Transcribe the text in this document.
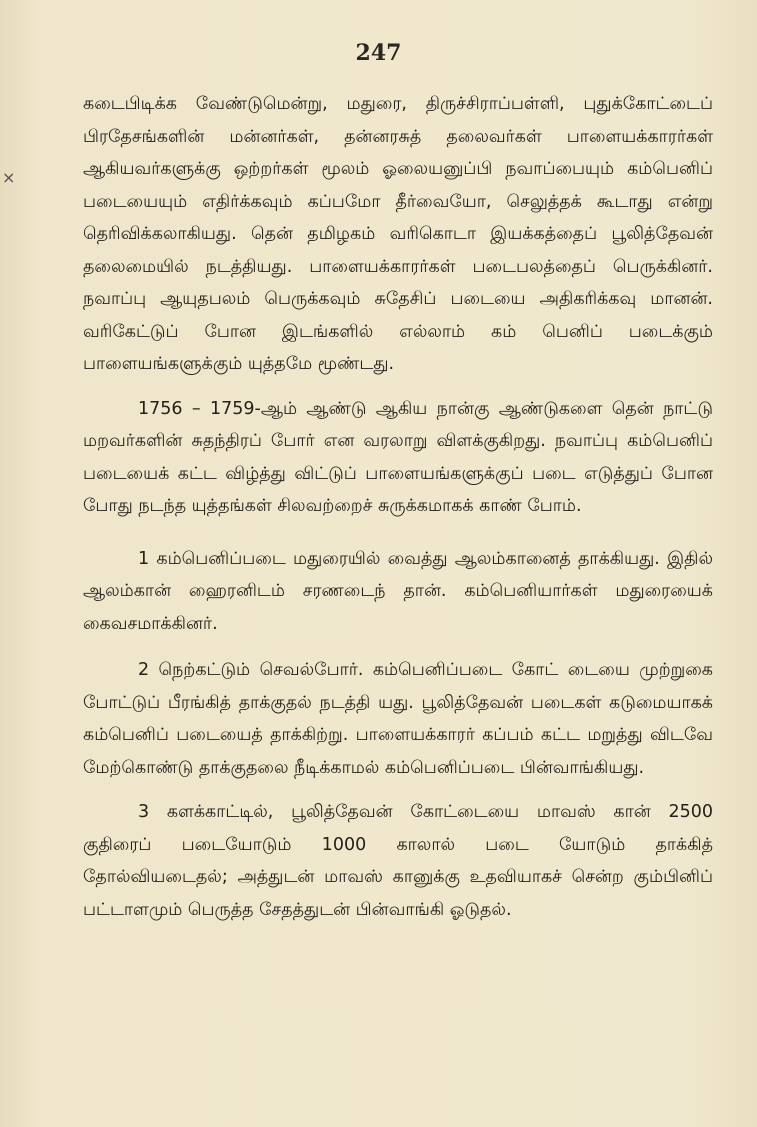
247

கடைபிடிக்க வேண்டுமென்று, மதுரை, திருச்சிராப்பள்ளி, புதுக்கோட்டைப் பிரதேசங்களின் மன்னர்கள், தன்னரசுத் தலைவர்கள் பாளையக்காரர்கள் ஆகியவர்களுக்கு ஒற்றர்கள் மூலம் ஓலையனுப்பி நவாப்பையும் கம்பெனிப் படையையும் எதிர்க்கவும் கப்பமோ தீர்வையோ, செலுத்தக் கூடாது என்று தெரிவிக்கலாகியது. தென் தமிழகம் வரிகொடா இயக்கத்தைப் பூலித்தேவன் தலைமையில் நடத்தியது. பாளையக்காரர்கள் படைபலத்தைப் பெருக்கினர். நவாப்பு ஆயுதபலம் பெருக்கவும் சுதேசிப் படையை அதிகரிக்கவு மானன். வரிகேட்டுப் போன இடங்களில் எல்லாம் கம் பெனிப் படைக்கும் பாளையங்களுக்கும் யுத்தமே மூண்டது.

1756 – 1759-ஆம் ஆண்டு ஆகிய நான்கு ஆண்டுகளை தென் நாட்டு மறவர்களின் சுதந்திரப் போர் என வரலாறு விளக்குகிறது. நவாப்பு கம்பெனிப் படையைக் கட்ட விழ்த்து விட்டுப் பாளையங்களுக்குப் படை எடுத்துப் போன போது நடந்த யுத்தங்கள் சிலவற்றைச் சுருக்கமாகக் காண் போம்.

1 கம்பெனிப்படை மதுரையில் வைத்து ஆலம்கானைத் தாக்கியது. இதில் ஆலம்கான் ஹைரனிடம் சரணடைந் தான். கம்பெனியார்கள் மதுரையைக் கைவசமாக்கினர்.

2 நெற்கட்டும் செவல்போர். கம்பெனிப்படை கோட் டையை முற்றுகை போட்டுப் பீரங்கித் தாக்குதல் நடத்தி யது. பூலித்தேவன் படைகள் கடுமையாகக் கம்பெனிப் படையைத் தாக்கிற்று. பாளையக்காரர் கப்பம் கட்ட மறுத்து விடவே மேற்கொண்டு தாக்குதலை நீடிக்காமல் கம்பெனிப்படை பின்வாங்கியது.

3 களக்காட்டில், பூலித்தேவன் கோட்டையை மாவஸ் கான் 2500 குதிரைப் படையோடும் 1000 காலால் படை யோடும் தாக்கித் தோல்வியடைதல்; அத்துடன் மாவஸ் கானுக்கு உதவியாகச் சென்ற கும்பினிப் பட்டாளமும் பெருத்த சேதத்துடன் பின்வாங்கி ஓடுதல்.

×
